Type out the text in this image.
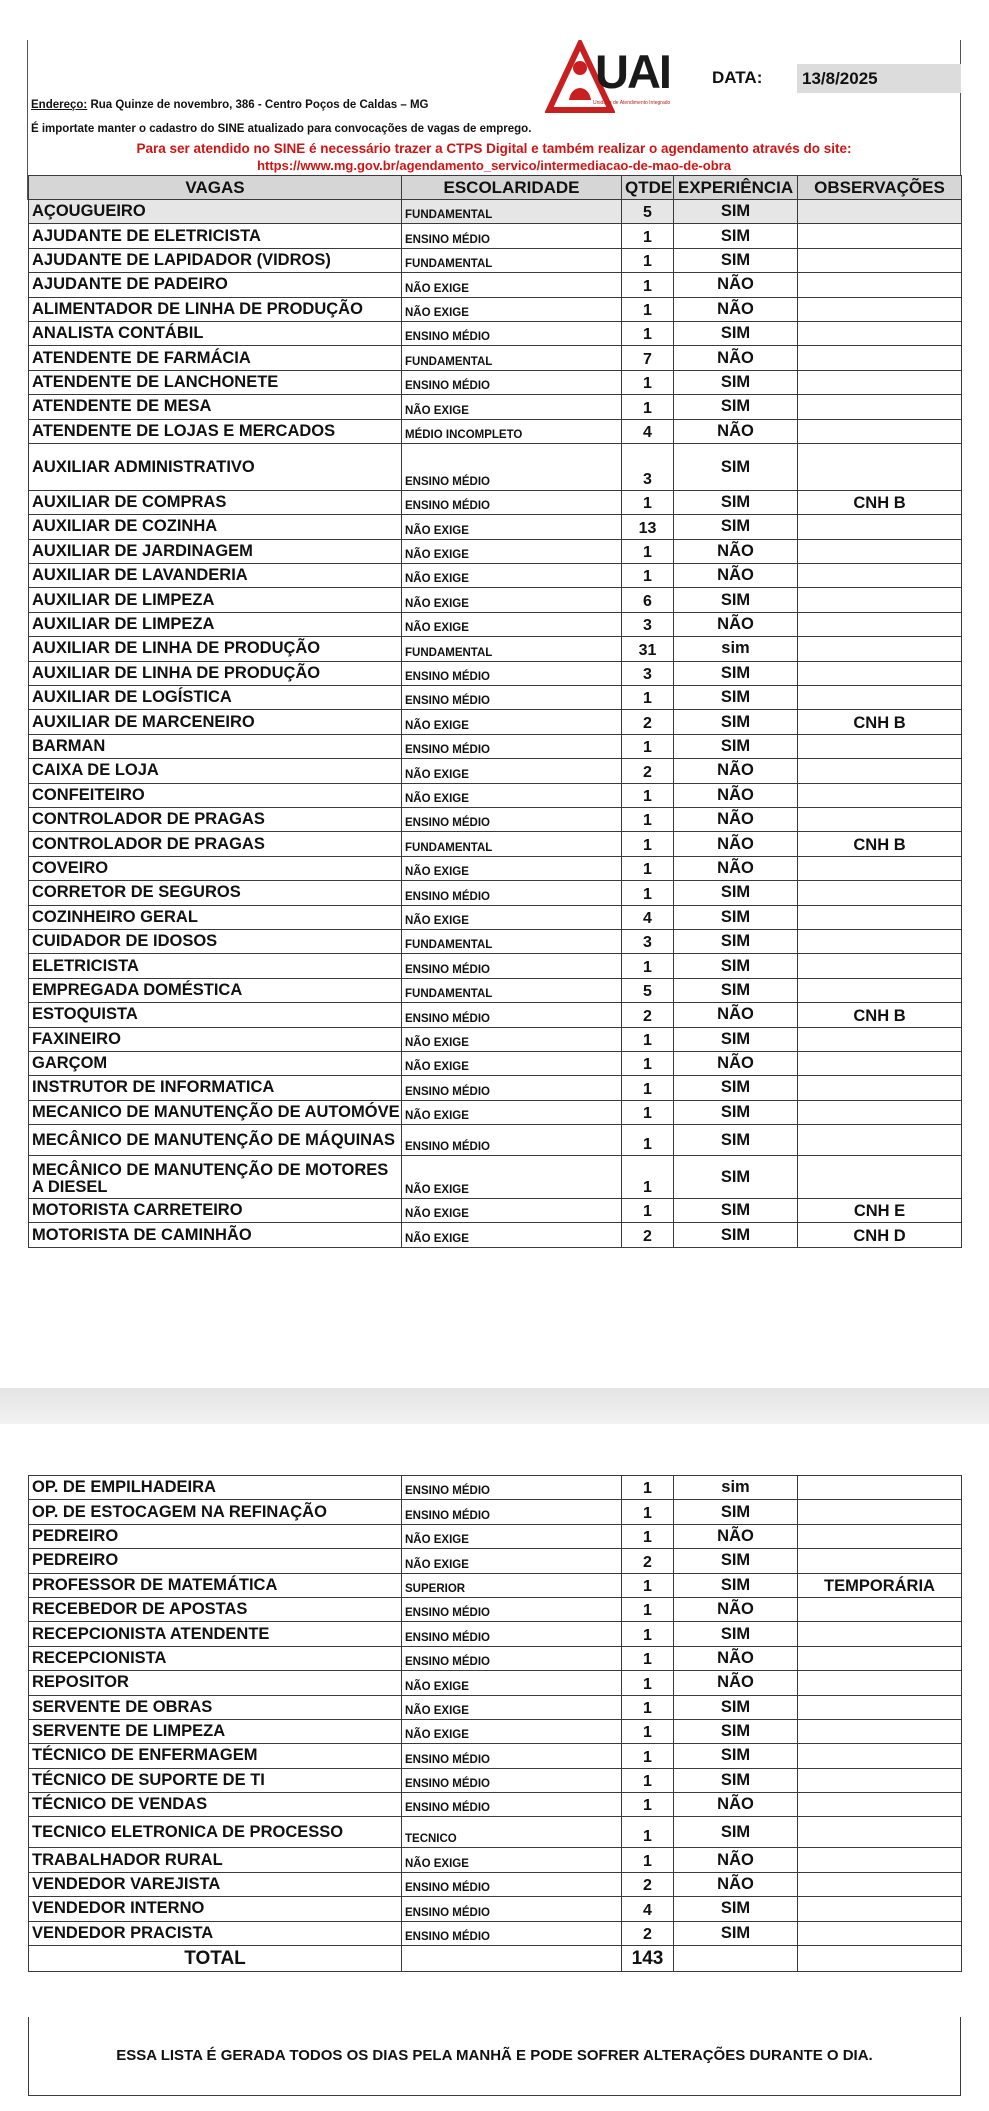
UAI
Unidade de Atendimento Integrado
DATA: 13/8/2025
Endereço: Rua Quinze de novembro, 386 - Centro Poços de Caldas – MG
É importate manter o cadastro do SINE atualizado para convocações de vagas de emprego.
Para ser atendido no SINE é necessário trazer a CTPS Digital e também realizar o agendamento através do site:
https://www.mg.gov.br/agendamento_servico/intermediacao-de-mao-de-obra
VAGAS	ESCOLARIDADE	QTDE	EXPERIÊNCIA	OBSERVAÇÕES
AÇOUGUEIRO	FUNDAMENTAL	5	SIM	
AJUDANTE DE ELETRICISTA	ENSINO MÉDIO	1	SIM	
AJUDANTE DE LAPIDADOR (VIDROS)	FUNDAMENTAL	1	SIM	
AJUDANTE DE PADEIRO	NÃO EXIGE	1	NÃO	
ALIMENTADOR DE LINHA DE PRODUÇÃO	NÃO EXIGE	1	NÃO	
ANALISTA CONTÁBIL	ENSINO MÉDIO	1	SIM	
ATENDENTE DE FARMÁCIA	FUNDAMENTAL	7	NÃO	
ATENDENTE DE LANCHONETE	ENSINO MÉDIO	1	SIM	
ATENDENTE DE MESA	NÃO EXIGE	1	SIM	
ATENDENTE DE LOJAS E MERCADOS	MÉDIO INCOMPLETO	4	NÃO	
AUXILIAR ADMINISTRATIVO	ENSINO MÉDIO	3	SIM	
AUXILIAR DE COMPRAS	ENSINO MÉDIO	1	SIM	CNH B
AUXILIAR DE COZINHA	NÃO EXIGE	13	SIM	
AUXILIAR DE JARDINAGEM	NÃO EXIGE	1	NÃO	
AUXILIAR DE LAVANDERIA	NÃO EXIGE	1	NÃO	
AUXILIAR DE LIMPEZA	NÃO EXIGE	6	SIM	
AUXILIAR DE LIMPEZA	NÃO EXIGE	3	NÃO	
AUXILIAR DE LINHA DE PRODUÇÃO	FUNDAMENTAL	31	sim	
AUXILIAR DE LINHA DE PRODUÇÃO	ENSINO MÉDIO	3	SIM	
AUXILIAR DE LOGÍSTICA	ENSINO MÉDIO	1	SIM	
AUXILIAR DE MARCENEIRO	NÃO EXIGE	2	SIM	CNH B
BARMAN	ENSINO MÉDIO	1	SIM	
CAIXA DE LOJA	NÃO EXIGE	2	NÃO	
CONFEITEIRO	NÃO EXIGE	1	NÃO	
CONTROLADOR DE PRAGAS	ENSINO MÉDIO	1	NÃO	
CONTROLADOR DE PRAGAS	FUNDAMENTAL	1	NÃO	CNH B
COVEIRO	NÃO EXIGE	1	NÃO	
CORRETOR DE SEGUROS	ENSINO MÉDIO	1	SIM	
COZINHEIRO GERAL	NÃO EXIGE	4	SIM	
CUIDADOR DE IDOSOS	FUNDAMENTAL	3	SIM	
ELETRICISTA	ENSINO MÉDIO	1	SIM	
EMPREGADA DOMÉSTICA	FUNDAMENTAL	5	SIM	
ESTOQUISTA	ENSINO MÉDIO	2	NÃO	CNH B
FAXINEIRO	NÃO EXIGE	1	SIM	
GARÇOM	NÃO EXIGE	1	NÃO	
INSTRUTOR DE INFORMATICA	ENSINO MÉDIO	1	SIM	
MECANICO DE MANUTENÇÃO DE AUTOMÓVE	NÃO EXIGE	1	SIM	
MECÂNICO DE MANUTENÇÃO DE MÁQUINAS	ENSINO MÉDIO	1	SIM	
MECÂNICO DE MANUTENÇÃO DE MOTORES A DIESEL	NÃO EXIGE	1	SIM	
MOTORISTA CARRETEIRO	NÃO EXIGE	1	SIM	CNH E
MOTORISTA DE CAMINHÃO	NÃO EXIGE	2	SIM	CNH D
OP. DE EMPILHADEIRA	ENSINO MÉDIO	1	sim	
OP. DE ESTOCAGEM NA REFINAÇÃO	ENSINO MÉDIO	1	SIM	
PEDREIRO	NÃO EXIGE	1	NÃO	
PEDREIRO	NÃO EXIGE	2	SIM	
PROFESSOR DE MATEMÁTICA	SUPERIOR	1	SIM	TEMPORÁRIA
RECEBEDOR DE APOSTAS	ENSINO MÉDIO	1	NÃO	
RECEPCIONISTA ATENDENTE	ENSINO MÉDIO	1	SIM	
RECEPCIONISTA	ENSINO MÉDIO	1	NÃO	
REPOSITOR	NÃO EXIGE	1	NÃO	
SERVENTE DE OBRAS	NÃO EXIGE	1	SIM	
SERVENTE DE LIMPEZA	NÃO EXIGE	1	SIM	
TÉCNICO DE ENFERMAGEM	ENSINO MÉDIO	1	SIM	
TÉCNICO DE SUPORTE DE TI	ENSINO MÉDIO	1	SIM	
TÉCNICO DE VENDAS	ENSINO MÉDIO	1	NÃO	
TECNICO ELETRONICA DE PROCESSO	TECNICO	1	SIM	
TRABALHADOR RURAL	NÃO EXIGE	1	NÃO	
VENDEDOR VAREJISTA	ENSINO MÉDIO	2	NÃO	
VENDEDOR INTERNO	ENSINO MÉDIO	4	SIM	
VENDEDOR PRACISTA	ENSINO MÉDIO	2	SIM	
TOTAL		143		
ESSA LISTA É GERADA TODOS OS DIAS PELA MANHÃ E PODE SOFRER ALTERAÇÕES DURANTE O DIA.
